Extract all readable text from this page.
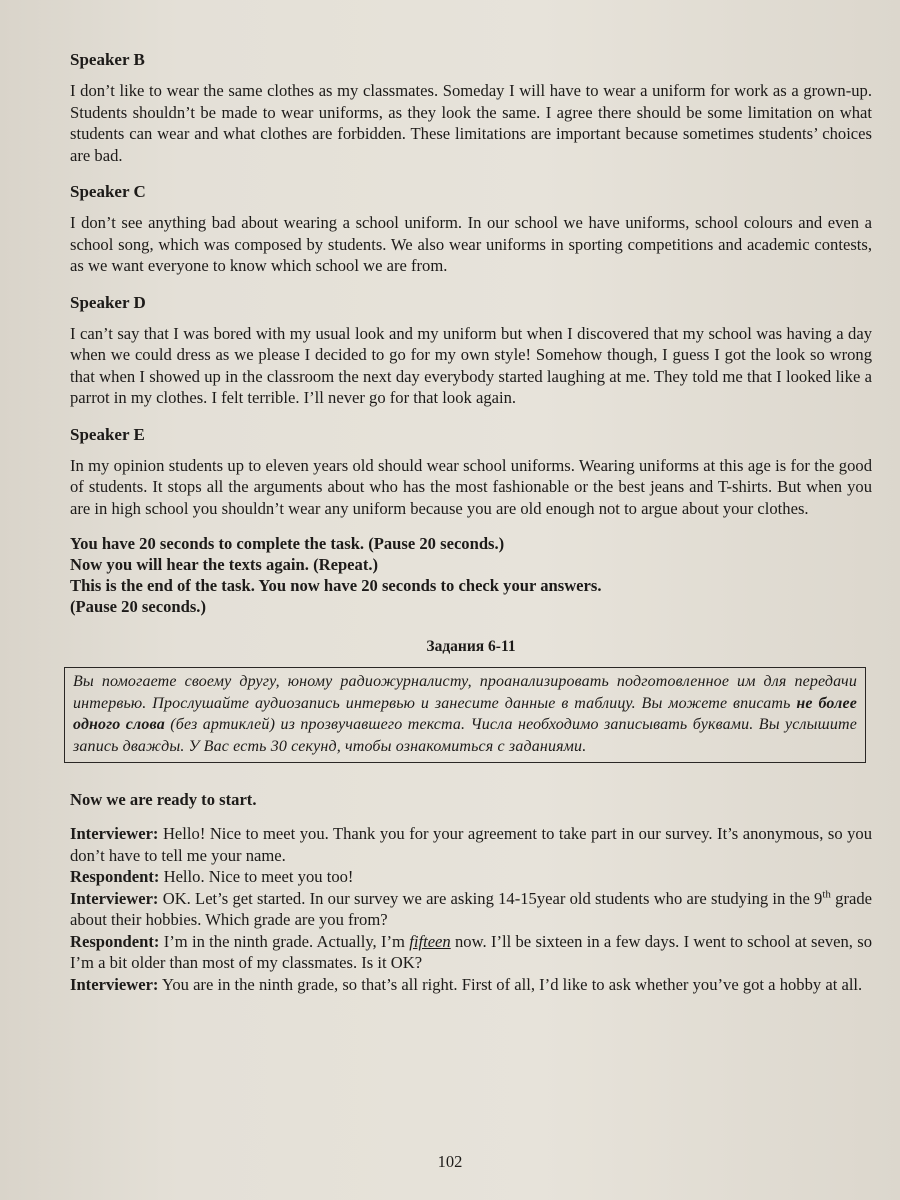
Speaker B

I don’t like to wear the same clothes as my classmates. Someday I will have to wear a uniform for work as a grown-up. Students shouldn’t be made to wear uniforms, as they look the same. I agree there should be some limitation on what students can wear and what clothes are forbidden. These limitations are important because sometimes students’ choices are bad.

Speaker C

I don’t see anything bad about wearing a school uniform. In our school we have uniforms, school colours and even a school song, which was composed by students. We also wear uniforms in sporting competitions and academic contests, as we want everyone to know which school we are from.

Speaker D

I can’t say that I was bored with my usual look and my uniform but when I discovered that my school was having a day when we could dress as we please I decided to go for my own style! Somehow though, I guess I got the look so wrong that when I showed up in the classroom the next day everybody started laughing at me. They told me that I looked like a parrot in my clothes. I felt terrible. I’ll never go for that look again.

Speaker E

In my opinion students up to eleven years old should wear school uniforms. Wearing uniforms at this age is for the good of students. It stops all the arguments about who has the most fashionable or the best jeans and T-shirts. But when you are in high school you shouldn’t wear any uniform because you are old enough not to argue about your clothes.

You have 20 seconds to complete the task. (Pause 20 seconds.)

Now you will hear the texts again. (Repeat.)

This is the end of the task. You now have 20 seconds to check your answers.

(Pause 20 seconds.)

Задания 6-11
Вы помогаете своему другу, юному радиожурналисту, проанализировать подготовленное им для передачи интервью. Прослушайте аудиозапись интервью и занесите данные в таблицу. Вы можете вписать не более одного слова (без артиклей) из прозвучавшего текста. Числа необходимо записывать буквами. Вы услышите запись дважды. У Вас есть 30 секунд, чтобы ознакомиться с заданиями.

Now we are ready to start.

Interviewer: Hello! Nice to meet you. Thank you for your agreement to take part in our survey. It’s anonymous, so you don’t have to tell me your name.

Respondent: Hello. Nice to meet you too!

Interviewer: OK. Let’s get started. In our survey we are asking 14-15year old students who are studying in the 9th grade about their hobbies. Which grade are you from?

Respondent: I’m in the ninth grade. Actually, I’m fifteen now. I’ll be sixteen in a few days. I went to school at seven, so I’m a bit older than most of my classmates. Is it OK?

Interviewer: You are in the ninth grade, so that’s all right. First of all, I’d like to ask whether you’ve got a hobby at all.

102
